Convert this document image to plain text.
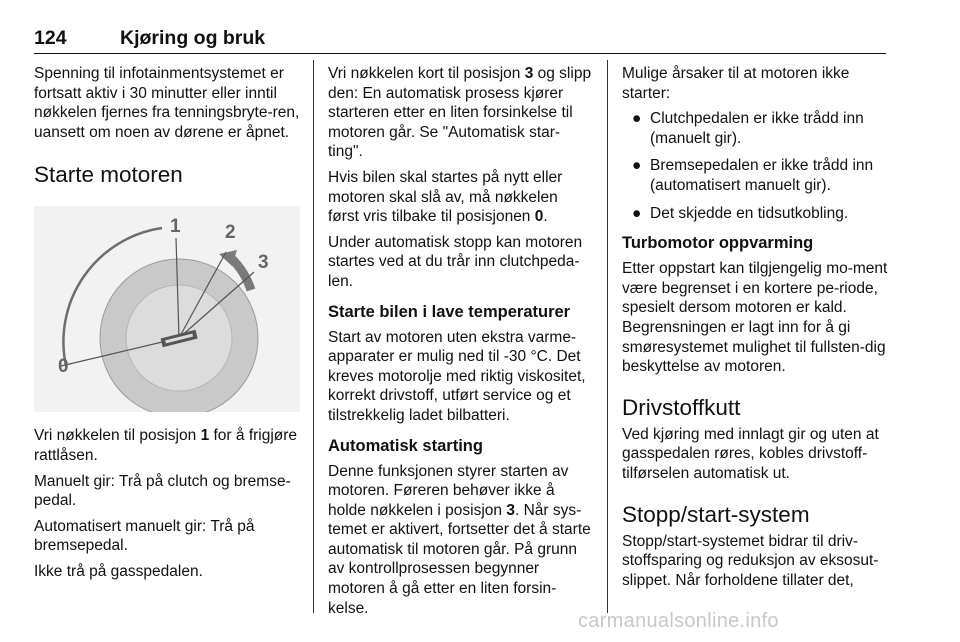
124	Kjøring og bruk

Spenning til infotainmentsystemet er fortsatt aktiv i 30 minutter eller inntil nøkkelen fjernes fra tenningsbryte-ren, uansett om noen av dørene er åpnet.

Starte motoren
0
1 2
3

Vri nøkkelen til posisjon 1 for å frigjøre rattlåsen.

Manuelt gir: Trå på clutch og bremse-pedal.

Automatisert manuelt gir: Trå på bremsepedal.

Ikke trå på gasspedalen.

Vri nøkkelen kort til posisjon 3 og slipp den: En automatisk prosess kjører starteren etter en liten forsinkelse til motoren går. Se "Automatisk star-ting".

Hvis bilen skal startes på nytt eller motoren skal slå av, må nøkkelen først vris tilbake til posisjonen 0.

Under automatisk stopp kan motoren startes ved at du trår inn clutchpeda-len.

Starte bilen i lave temperaturer

Start av motoren uten ekstra varme-apparater er mulig ned til -30 °C. Det kreves motorolje med riktig viskositet, korrekt drivstoff, utført service og et tilstrekkelig ladet bilbatteri.

Automatisk starting

Denne funksjonen styrer starten av motoren. Føreren behøver ikke å holde nøkkelen i posisjon 3. Når sys-temet er aktivert, fortsetter det å starte automatisk til motoren går. På grunn av kontrollprosessen begynner motoren å gå etter en liten forsin-kelse.

Mulige årsaker til at motoren ikke starter:

● Clutchpedalen er ikke trådd inn (manuelt gir).
● Bremsepedalen er ikke trådd inn (automatisert manuelt gir).
● Det skjedde en tidsutkobling.
Turbomotor oppvarming

Etter oppstart kan tilgjengelig mo-ment være begrenset i en kortere pe-riode, spesielt dersom motoren er kald. Begrensningen er lagt inn for å gi smøresystemet mulighet til fullsten-dig beskyttelse av motoren.

Drivstoffkutt

Ved kjøring med innlagt gir og uten at gasspedalen røres, kobles drivstoff-tilførselen automatisk ut.

Stopp/start-system

Stopp/start-systemet bidrar til driv-stoffsparing og reduksjon av eksosut-slippet. Når forholdene tillater det,

carmanualsonline.info
